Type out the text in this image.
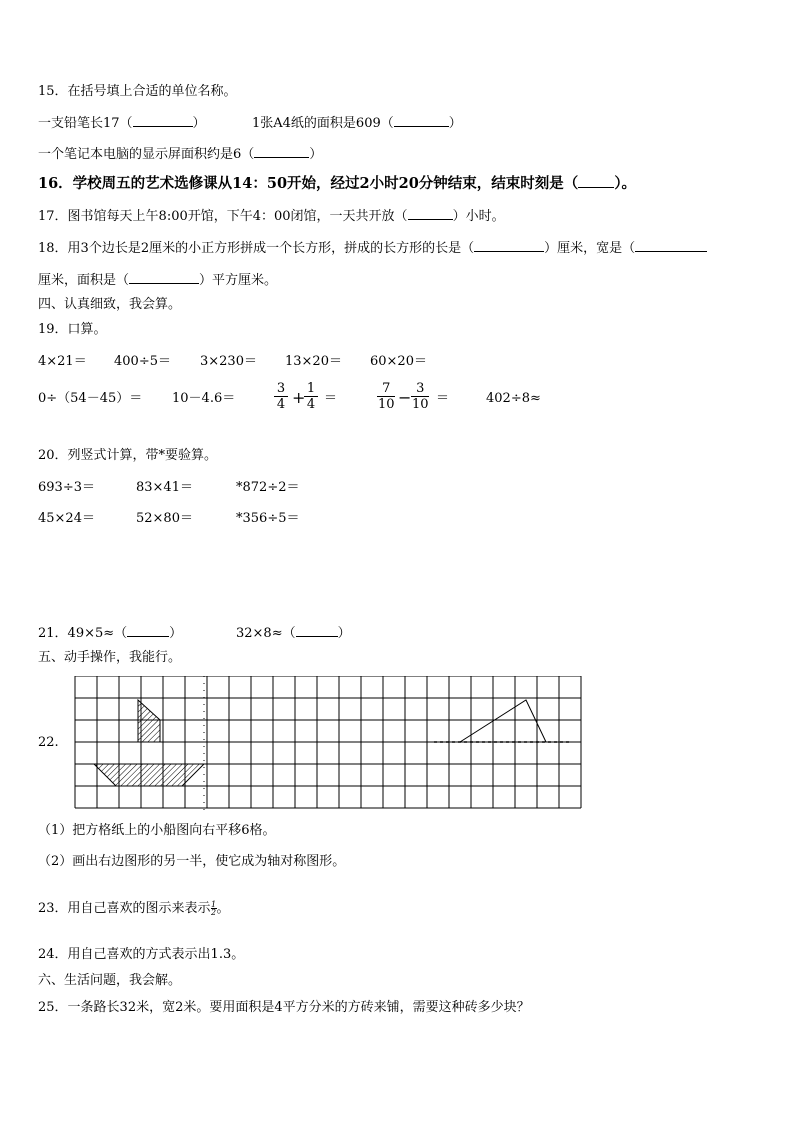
15．在括号填上合适的单位名称。
一支铅笔长17（	）	1张A4纸的面积是609（	）
一个笔记本电脑的显示屏面积约是6（	）
16．学校周五的艺术选修课从14：50开始，经过2小时20分钟结束，结束时刻是（ ）。
17．图书馆每天上午8:00开馆，下午4：00闭馆，一天共开放（	）小时。
18．用3个边长是2厘米的小正方形拼成一个长方形，拼成的长方形的长是（	）厘米，宽是（
厘米，面积是（	）平方厘米。
四、认真细致，我会算。
19．口算。
4×21＝ 400÷5＝ 3×230＝ 13×20＝ 60×20＝
0÷（54－45）＝ 10－4.6＝
3
4 + 1
4 ＝
7
10 − 3
10 ＝	402÷8≈
20．列竖式计算，带*要验算。
693÷3＝	83×41＝	*872÷2＝
45×24＝	52×80＝	*356÷5＝
21．49×5≈（	）	32×8≈（	）
五、动手操作，我能行。
22.
（1）把方格纸上的小船图向右平移6格。
（2）画出右边图形的另一半，使它成为轴对称图形。
23．用自己喜欢的图示来表示 $\frac{1}{2}$ 。
24．用自己喜欢的方式表示出1.3。
六、生活问题，我会解。
25．一条路长32米，宽2米。要用面积是4平方分米的方砖来铺，需要这种砖多少块？
